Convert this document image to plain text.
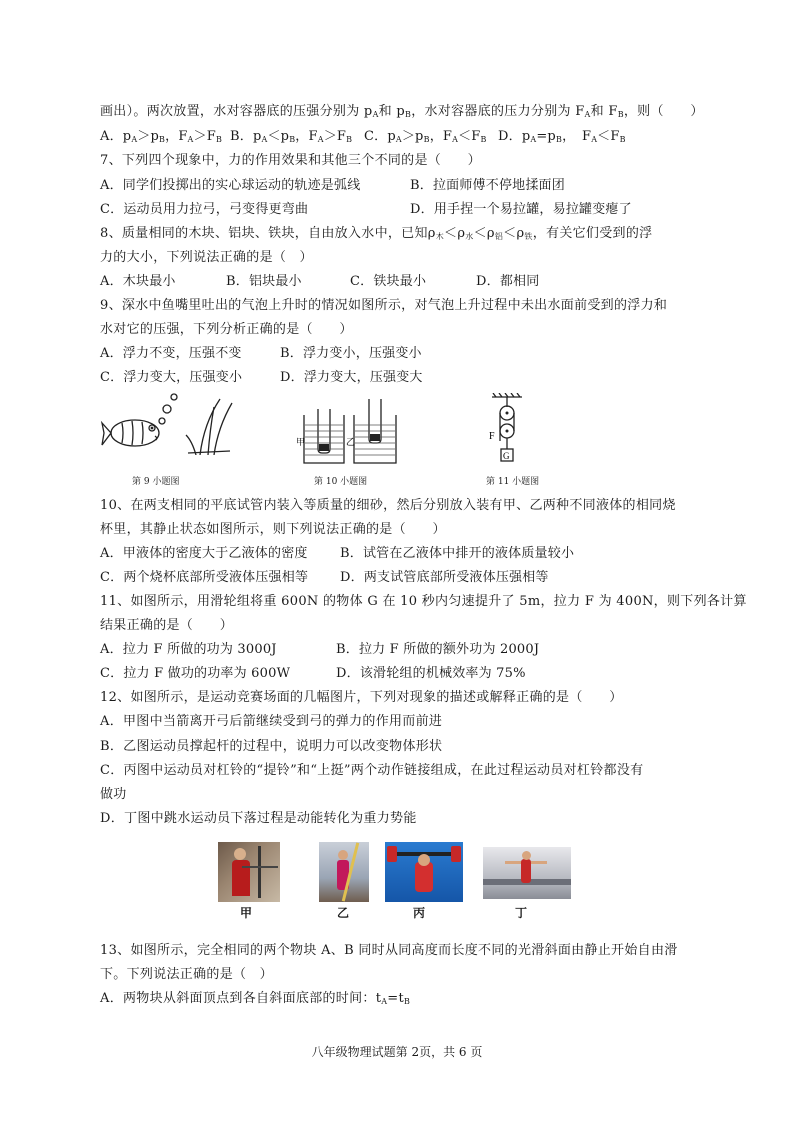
画出）。两次放置，水对容器底的压强分别为 $p_A$和 $p_B$，水对容器底的压力分别为 $F_A$和 $F_B$，则（　　）
A．$p_A>p_B$，$F_A>F_B$ B．$p_A<p_B$，$F_A>F_B$ C．$p_A>p_B$，$F_A<F_B$ D．$p_A=p_B$，　$F_A<F_B$
7、下列四个现象中，力的作用效果和其他三个不同的是（　　）
A．同学们投掷出的实心球运动的轨迹是弧线	B．拉面师傅不停地揉面团
C．运动员用力拉弓，弓变得更弯曲	D．用手捏一个易拉罐，易拉罐变瘪了
8、质量相同的木块、铝块、铁块，自由放入水中，已知$\rho_木<\rho_水<\rho_铝<\rho_铁$，有关它们受到的浮
力的大小，下列说法正确的是（　）
A．木块最小	B．铝块最小	C．铁块最小	D．都相同
9、深水中鱼嘴里吐出的气泡上升时的情况如图所示，对气泡上升过程中未出水面前受到的浮力和
水对它的压强，下列分析正确的是（　　）
A．浮力不变，压强不变	B．浮力变小，压强变小
C．浮力变大，压强变小	D．浮力变大，压强变大
第 9 小题图
甲	乙
第 10 小题图
F
G
第 11 小题图
10、在两支相同的平底试管内装入等质量的细砂，然后分别放入装有甲、乙两种不同液体的相同烧
杯里，其静止状态如图所示，则下列说法正确的是（　　）
A．甲液体的密度大于乙液体的密度 B．试管在乙液体中排开的液体质量较小
C．两个烧杯底部所受液体压强相等 D．两支试管底部所受液体压强相等
11、如图所示，用滑轮组将重 600N 的物体 G 在 10 秒内匀速提升了 5m，拉力 F 为 400N，则下列各计算
结果正确的是（　　）
A．拉力 F 所做的功为 3000J	B．拉力 F 所做的额外功为 2000J
C．拉力 F 做功的功率为 600W	D．该滑轮组的机械效率为 75%
12、如图所示，是运动竞赛场面的几幅图片，下列对现象的描述或解释正确的是（　　）
A．甲图中当箭离开弓后箭继续受到弓的弹力的作用而前进
B．乙图运动员撑起杆的过程中，说明力可以改变物体形状
C．丙图中运动员对杠铃的“提铃”和“上挺”两个动作链接组成，在此过程运动员对杠铃都没有
做功
D．丁图中跳水运动员下落过程是动能转化为重力势能
甲	乙	丙	丁
13、如图所示，完全相同的两个物块 A、B 同时从同高度而长度不同的光滑斜面由静止开始自由滑
下。下列说法正确的是（　）
A．两物块从斜面顶点到各自斜面底部的时间：$t_A=t_B$
八年级物理试题第 2页，共 6 页
